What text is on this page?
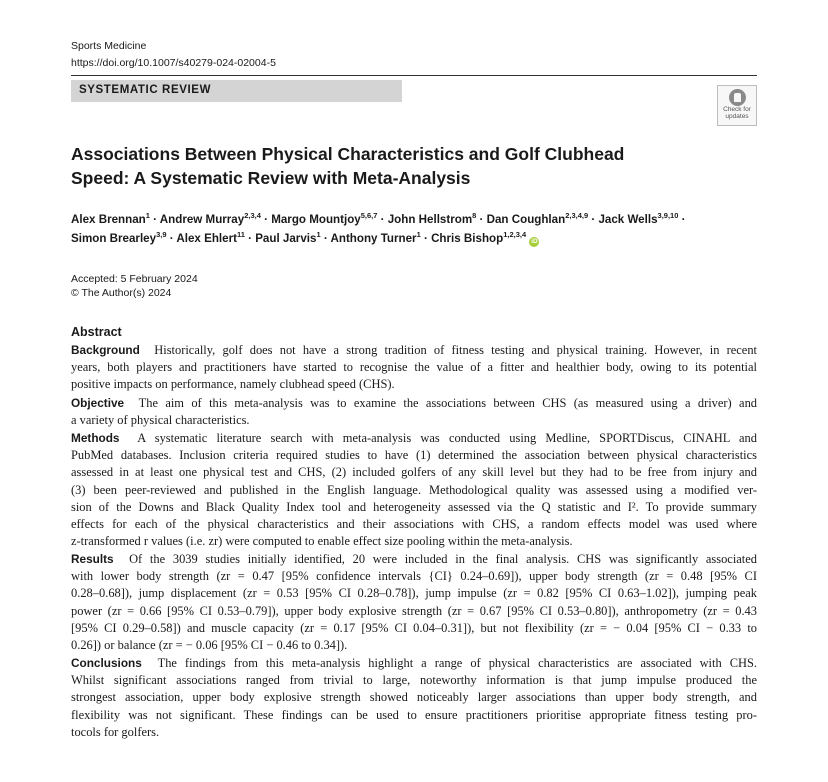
Sports Medicine
https://doi.org/10.1007/s40279-024-02004-5
SYSTEMATIC REVIEW
Check for
updates
Associations Between Physical Characteristics and Golf Clubhead
Speed: A Systematic Review with Meta-Analysis
Alex Brennan$^1$ · Andrew Murray$^{2,3,4}$ · Margo Mountjoy$^{5,6,7}$ · John Hellstrom$^8$ · Dan Coughlan$^{2,3,4,9}$ · Jack Wells$^{3,9,10}$ ·
Simon Brearley$^{3,9}$ · Alex Ehlert$^{11}$ · Paul Jarvis$^1$ · Anthony Turner$^1$ · Chris Bishop$^{1,2,3,4}$ iD
Accepted: 5 February 2024
© The Author(s) 2024
Abstract
Background Historically, golf does not have a strong tradition of fitness testing and physical training. However, in recent
years, both players and practitioners have started to recognise the value of a fitter and healthier body, owing to its potential
positive impacts on performance, namely clubhead speed (CHS).
Objective The aim of this meta-analysis was to examine the associations between CHS (as measured using a driver) and
a variety of physical characteristics.
Methods A systematic literature search with meta-analysis was conducted using Medline, SPORTDiscus, CINAHL and
PubMed databases. Inclusion criteria required studies to have (1) determined the association between physical characteristics
assessed in at least one physical test and CHS, (2) included golfers of any skill level but they had to be free from injury and
(3) been peer-reviewed and published in the English language. Methodological quality was assessed using a modified ver-
sion of the Downs and Black Quality Index tool and heterogeneity assessed via the Q statistic and I². To provide summary
effects for each of the physical characteristics and their associations with CHS, a random effects model was used where
z-transformed r values (i.e. zr) were computed to enable effect size pooling within the meta-analysis.
Results Of the 3039 studies initially identified, 20 were included in the final analysis. CHS was significantly associated
with lower body strength (zr = 0.47 [95% confidence intervals {CI} 0.24–0.69]), upper body strength (zr = 0.48 [95% CI
0.28–0.68]), jump displacement (zr = 0.53 [95% CI 0.28–0.78]), jump impulse (zr = 0.82 [95% CI 0.63–1.02]), jumping peak
power (zr = 0.66 [95% CI 0.53–0.79]), upper body explosive strength (zr = 0.67 [95% CI 0.53–0.80]), anthropometry (zr = 0.43
[95% CI 0.29–0.58]) and muscle capacity (zr = 0.17 [95% CI 0.04–0.31]), but not flexibility (zr = − 0.04 [95% CI − 0.33 to
0.26]) or balance (zr = − 0.06 [95% CI − 0.46 to 0.34]).
Conclusions The findings from this meta-analysis highlight a range of physical characteristics are associated with CHS.
Whilst significant associations ranged from trivial to large, noteworthy information is that jump impulse produced the
strongest association, upper body explosive strength showed noticeably larger associations than upper body strength, and
flexibility was not significant. These findings can be used to ensure practitioners prioritise appropriate fitness testing pro-
tocols for golfers.
